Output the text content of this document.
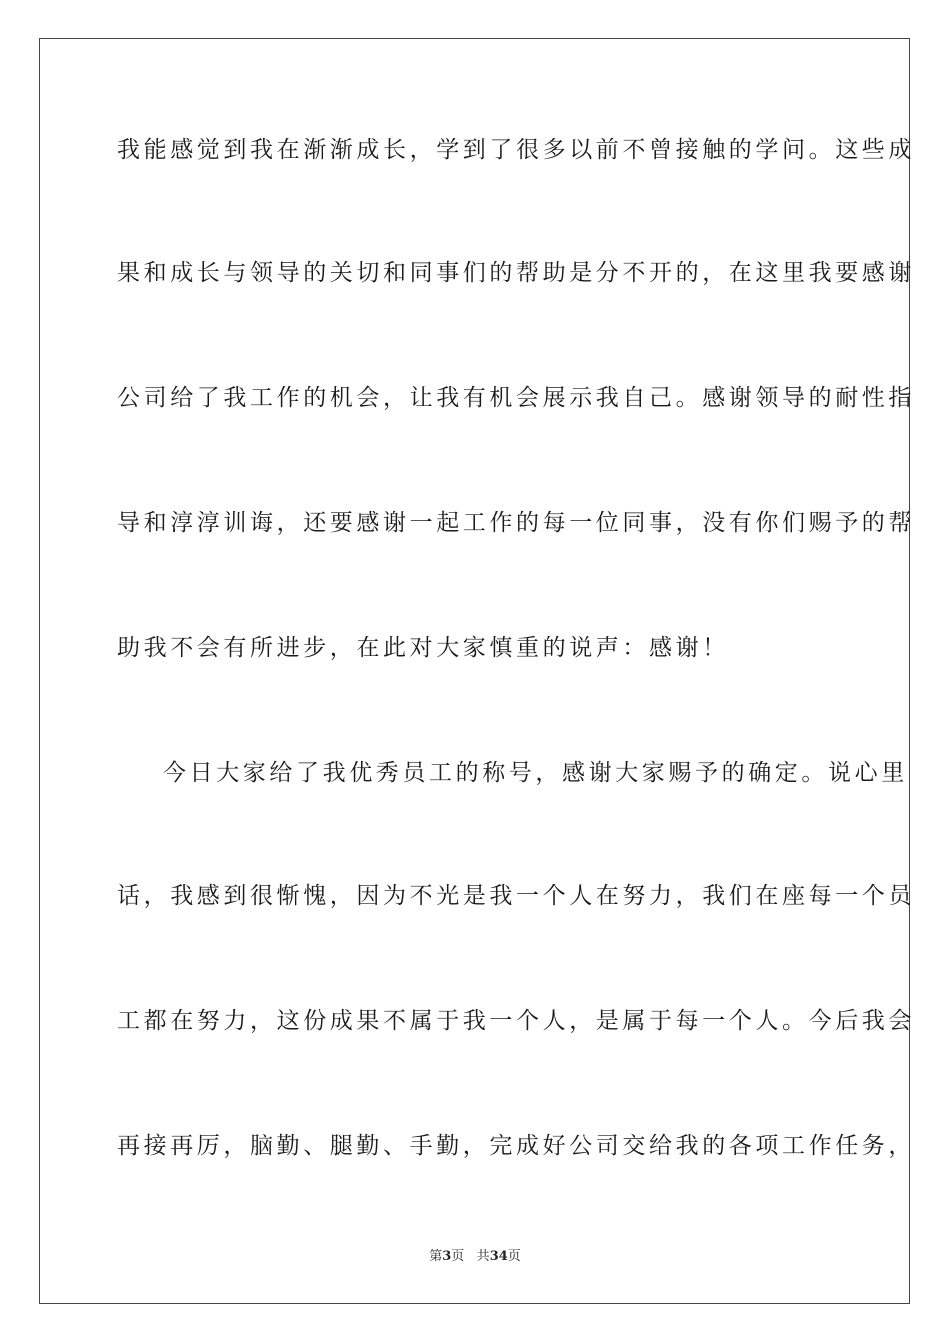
我能感觉到我在渐渐成长，学到了很多以前不曾接触的学问。这些成
果和成长与领导的关切和同事们的帮助是分不开的，在这里我要感谢
公司给了我工作的机会，让我有机会展示我自己。感谢领导的耐性指
导和淳淳训诲，还要感谢一起工作的每一位同事，没有你们赐予的帮
助我不会有所进步，在此对大家慎重的说声：感谢！
今日大家给了我优秀员工的称号，感谢大家赐予的确定。说心里
话，我感到很惭愧，因为不光是我一个人在努力，我们在座每一个员
工都在努力，这份成果不属于我一个人，是属于每一个人。今后我会
再接再厉，脑勤、腿勤、手勤，完成好公司交给我的各项工作任务，
第3页 共34页
